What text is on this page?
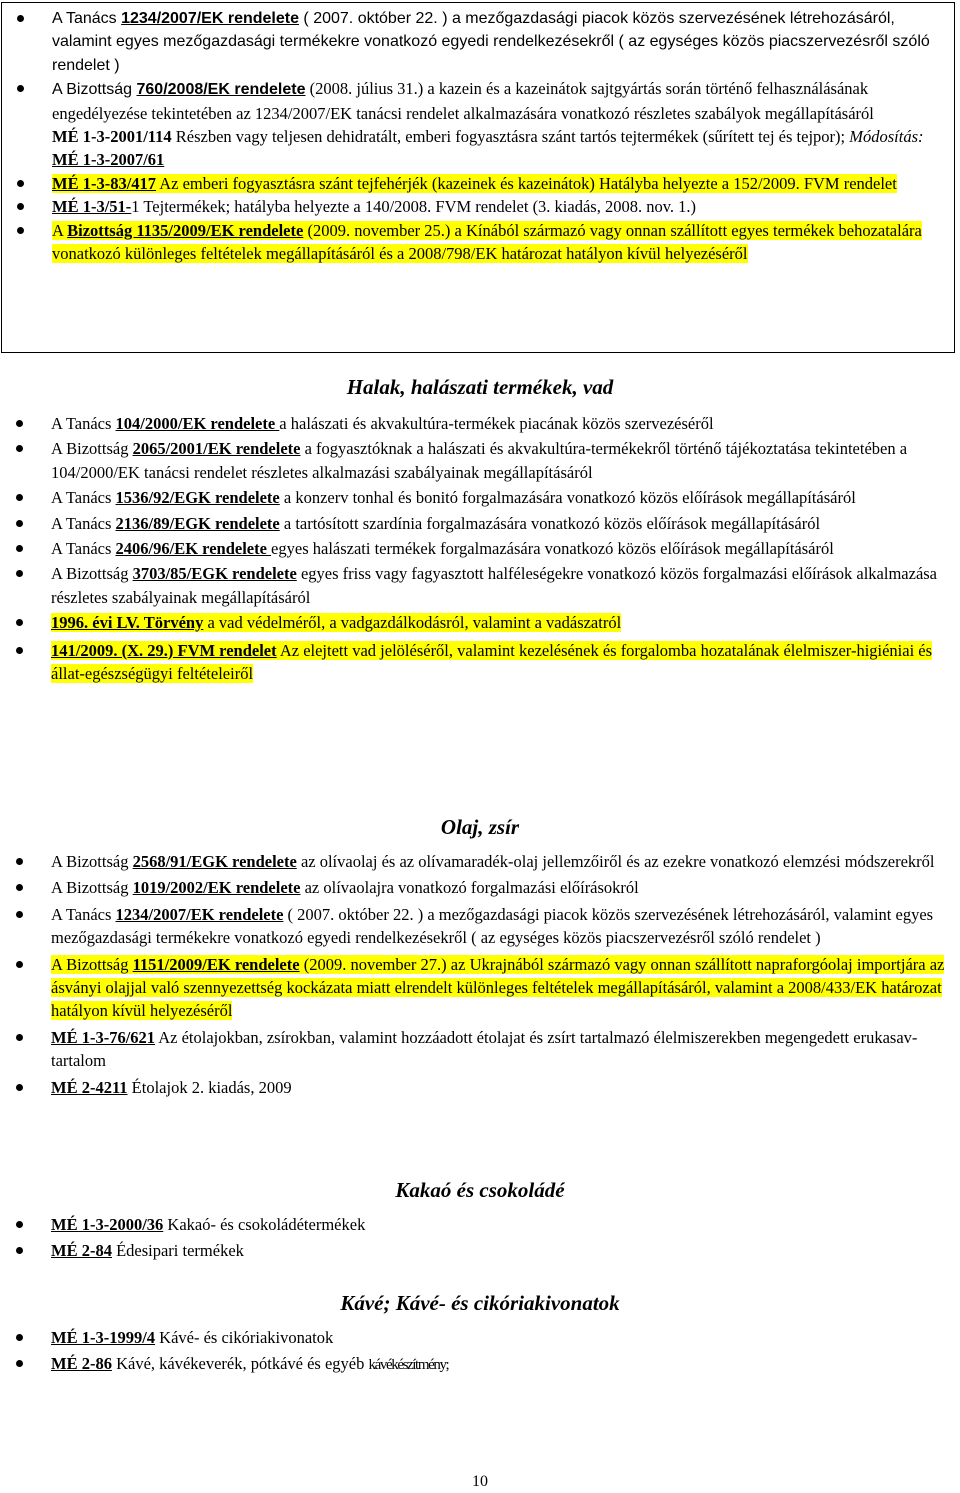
A Tanács 1234/2007/EK rendelete ( 2007. október 22. ) a mezőgazdasági piacok közös szervezésének létrehozásáról, valamint egyes mezőgazdasági termékekre vonatkozó egyedi rendelkezésekről ( az egységes közös piacszervezésről szóló rendelet )
A Bizottság 760/2008/EK rendelete (2008. július 31.) a kazein és a kazeinátok sajtgyártás során történő felhasználásának engedélyezése tekintetében az 1234/2007/EK tanácsi rendelet alkalmazására vonatkozó részletes szabályok megállapításáról
MÉ 1-3-2001/114 Részben vagy teljesen dehidratált, emberi fogyasztásra szánt tartós tejtermékek (sűrített tej és tejpor); Módosítás: MÉ 1-3-2007/61
MÉ 1-3-83/417 Az emberi fogyasztásra szánt tejfehérjék (kazeinek és kazeinátok) Hatályba helyezte a 152/2009. FVM rendelet
MÉ 1-3/51-1 Tejtermékek; hatályba helyezte a 140/2008. FVM rendelet (3. kiadás, 2008. nov. 1.)
A Bizottság 1135/2009/EK rendelete (2009. november 25.) a Kínából származó vagy onnan szállított egyes termékek behozatalára vonatkozó különleges feltételek megállapításáról és a 2008/798/EK határozat hatályon kívül helyezéséről
Halak, halászati termékek, vad
A Tanács 104/2000/EK rendelete a halászati és akvakultúra-termékek piacának közös szervezéséről
A Bizottság 2065/2001/EK rendelete a fogyasztóknak a halászati és akvakultúra-termékekről történő tájékoztatása tekintetében a 104/2000/EK tanácsi rendelet részletes alkalmazási szabályainak megállapításáról
A Tanács 1536/92/EGK rendelete a konzerv tonhal és bonitó forgalmazására vonatkozó közös előírások megállapításáról
A Tanács 2136/89/EGK rendelete a tartósított szardínia forgalmazására vonatkozó közös előírások megállapításáról
A Tanács 2406/96/EK rendelete egyes halászati termékek forgalmazására vonatkozó közös előírások megállapításáról
A Bizottság 3703/85/EGK rendelete egyes friss vagy fagyasztott halféleségekre vonatkozó közös forgalmazási előírások alkalmazása részletes szabályainak megállapításáról
1996. évi LV. Törvény a vad védelméről, a vadgazdálkodásról, valamint a vadászatról
141/2009. (X. 29.) FVM rendelet Az elejtett vad jelöléséről, valamint kezelésének és forgalomba hozatalának élelmiszer-higiéniai és állat-egészségügyi feltételeiről
Olaj, zsír
A Bizottság 2568/91/EGK rendelete az olívaolaj és az olívamaradék-olaj jellemzőiről és az ezekre vonatkozó elemzési módszerekről
A Bizottság 1019/2002/EK rendelete az olívaolajra vonatkozó forgalmazási előírásokról
A Tanács 1234/2007/EK rendelete ( 2007. október 22. ) a mezőgazdasági piacok közös szervezésének létrehozásáról, valamint egyes mezőgazdasági termékekre vonatkozó egyedi rendelkezésekről ( az egységes közös piacszervezésről szóló rendelet )
A Bizottság 1151/2009/EK rendelete (2009. november 27.) az Ukrajnából származó vagy onnan szállított napraforgóolaj importjára az ásványi olajjal való szennyezettség kockázata miatt elrendelt különleges feltételek megállapításáról, valamint a 2008/433/EK határozat hatályon kívül helyezéséről
MÉ 1-3-76/621 Az étolajokban, zsírokban, valamint hozzáadott étolajat és zsírt tartalmazó élelmiszerekben megengedett erukasav-tartalom
MÉ 2-4211 Étolajok 2. kiadás, 2009
Kakaó és csokoládé
MÉ 1-3-2000/36 Kakaó- és csokoládétermékek
MÉ 2-84 Édesipari termékek
Kávé; Kávé- és cikóriakivonatok
MÉ 1-3-1999/4 Kávé- és cikóriakivonatok
MÉ 2-86 Kávé, kávékeverék, pótkávé és egyéb kávékészítmény;
10
